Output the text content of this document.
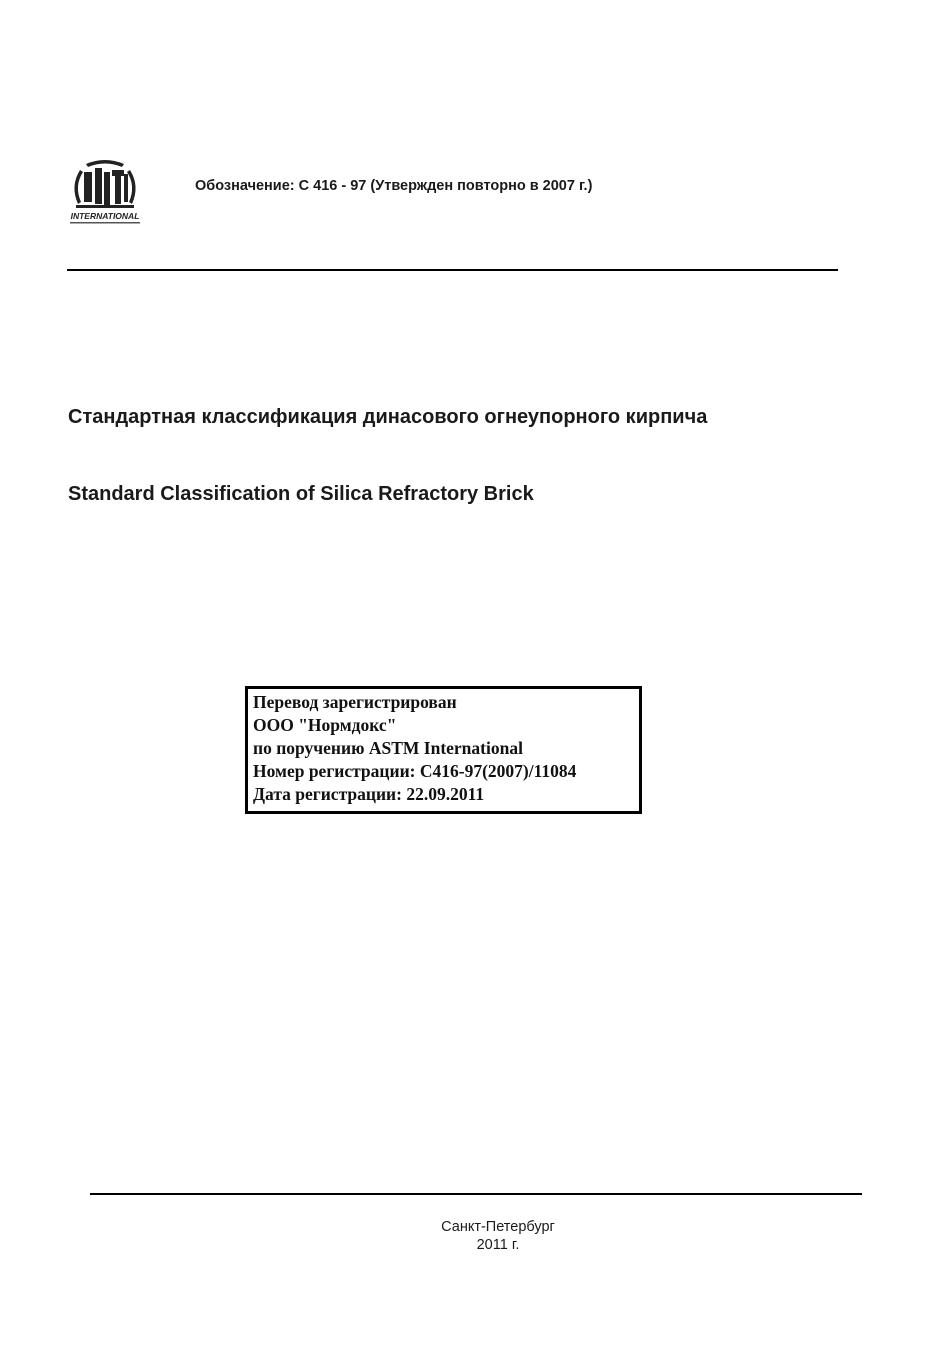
INTERNATIONAL
Обозначение: С 416 - 97 (Утвержден повторно в 2007 г.)
Стандартная классификация динасового огнеупорного кирпича
Standard Classification of Silica Refractory Brick
Перевод зарегистрирован
ООО "Нормдокс"
по поручению ASTM International
Номер регистрации: C416-97(2007)/11084
Дата регистрации: 22.09.2011
Санкт-Петербург
2011 г.
